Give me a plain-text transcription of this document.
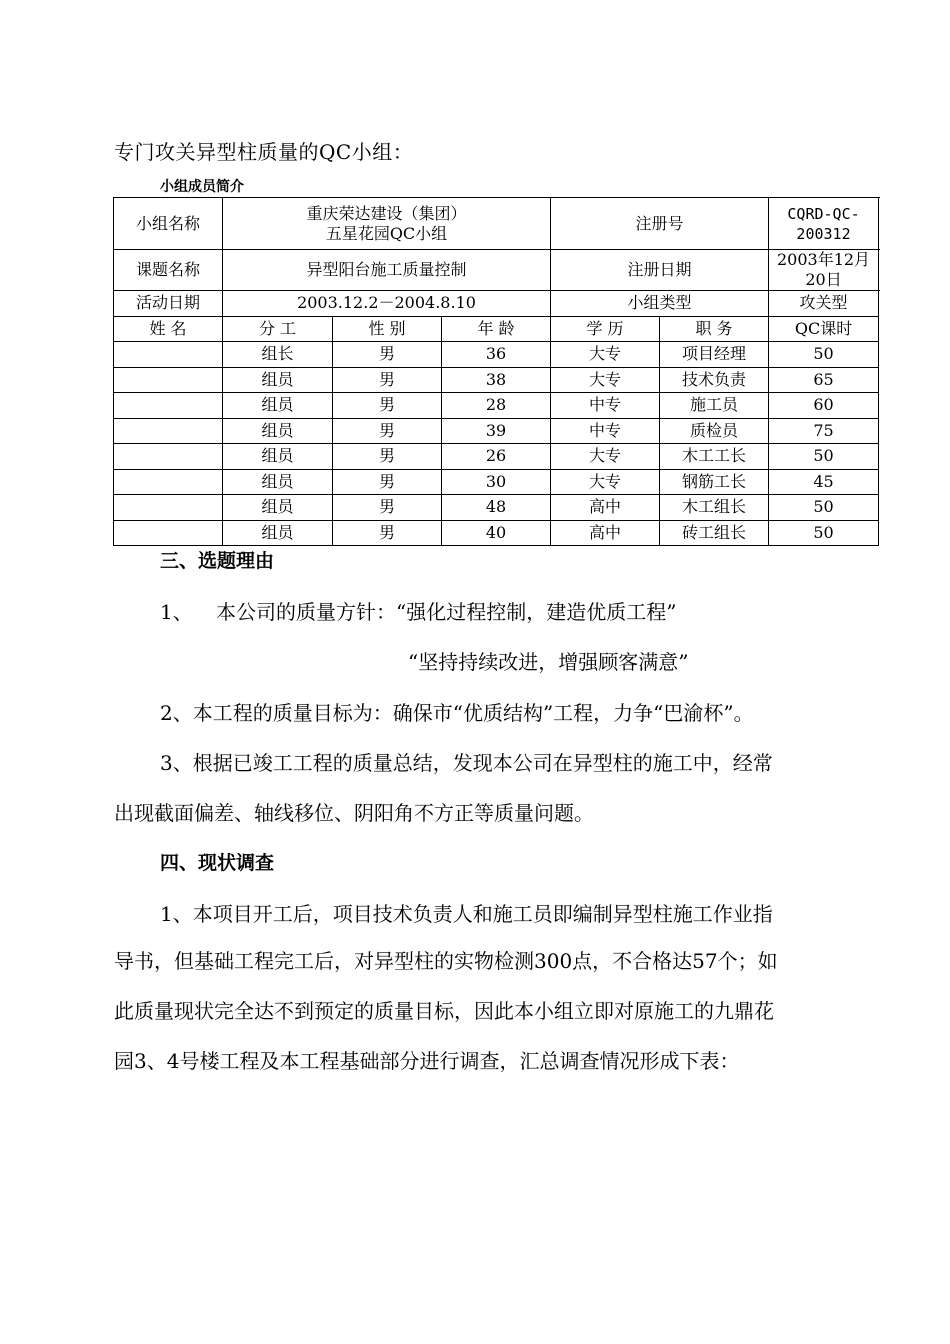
专门攻关异型柱质量的QC小组：
小组成员简介
小组名称	重庆荣达建设（集团）
五星花园QC小组			注册号		CQRD-QC-200312
课题名称	异型阳台施工质量控制			注册日期		2003年12月20日
活动日期	2003.12.2－2004.8.10			小组类型		攻关型
姓 名	分 工	性 别	年 龄	学 历	职 务	QC课时
	组长	男	36	大专	项目经理	50
	组员	男	38	大专	技术负责	65
	组员	男	28	中专	施工员	60
	组员	男	39	中专	质检员	75
	组员	男	26	大专	木工工长	50
	组员	男	30	大专	钢筋工长	45
	组员	男	48	高中	木工组长	50
	组员	男	40	高中	砖工组长	50
三、选题理由
1、 本公司的质量方针：“强化过程控制，建造优质工程”
“坚持持续改进，增强顾客满意”
2、本工程的质量目标为：确保市“优质结构”工程，力争“巴渝杯”。
3、根据已竣工工程的质量总结，发现本公司在异型柱的施工中，经常
出现截面偏差、轴线移位、阴阳角不方正等质量问题。
四、现状调查
1、本项目开工后，项目技术负责人和施工员即编制异型柱施工作业指
导书，但基础工程完工后，对异型柱的实物检测300点，不合格达57个；如
此质量现状完全达不到预定的质量目标，因此本小组立即对原施工的九鼎花
园3、4号楼工程及本工程基础部分进行调查，汇总调查情况形成下表：
